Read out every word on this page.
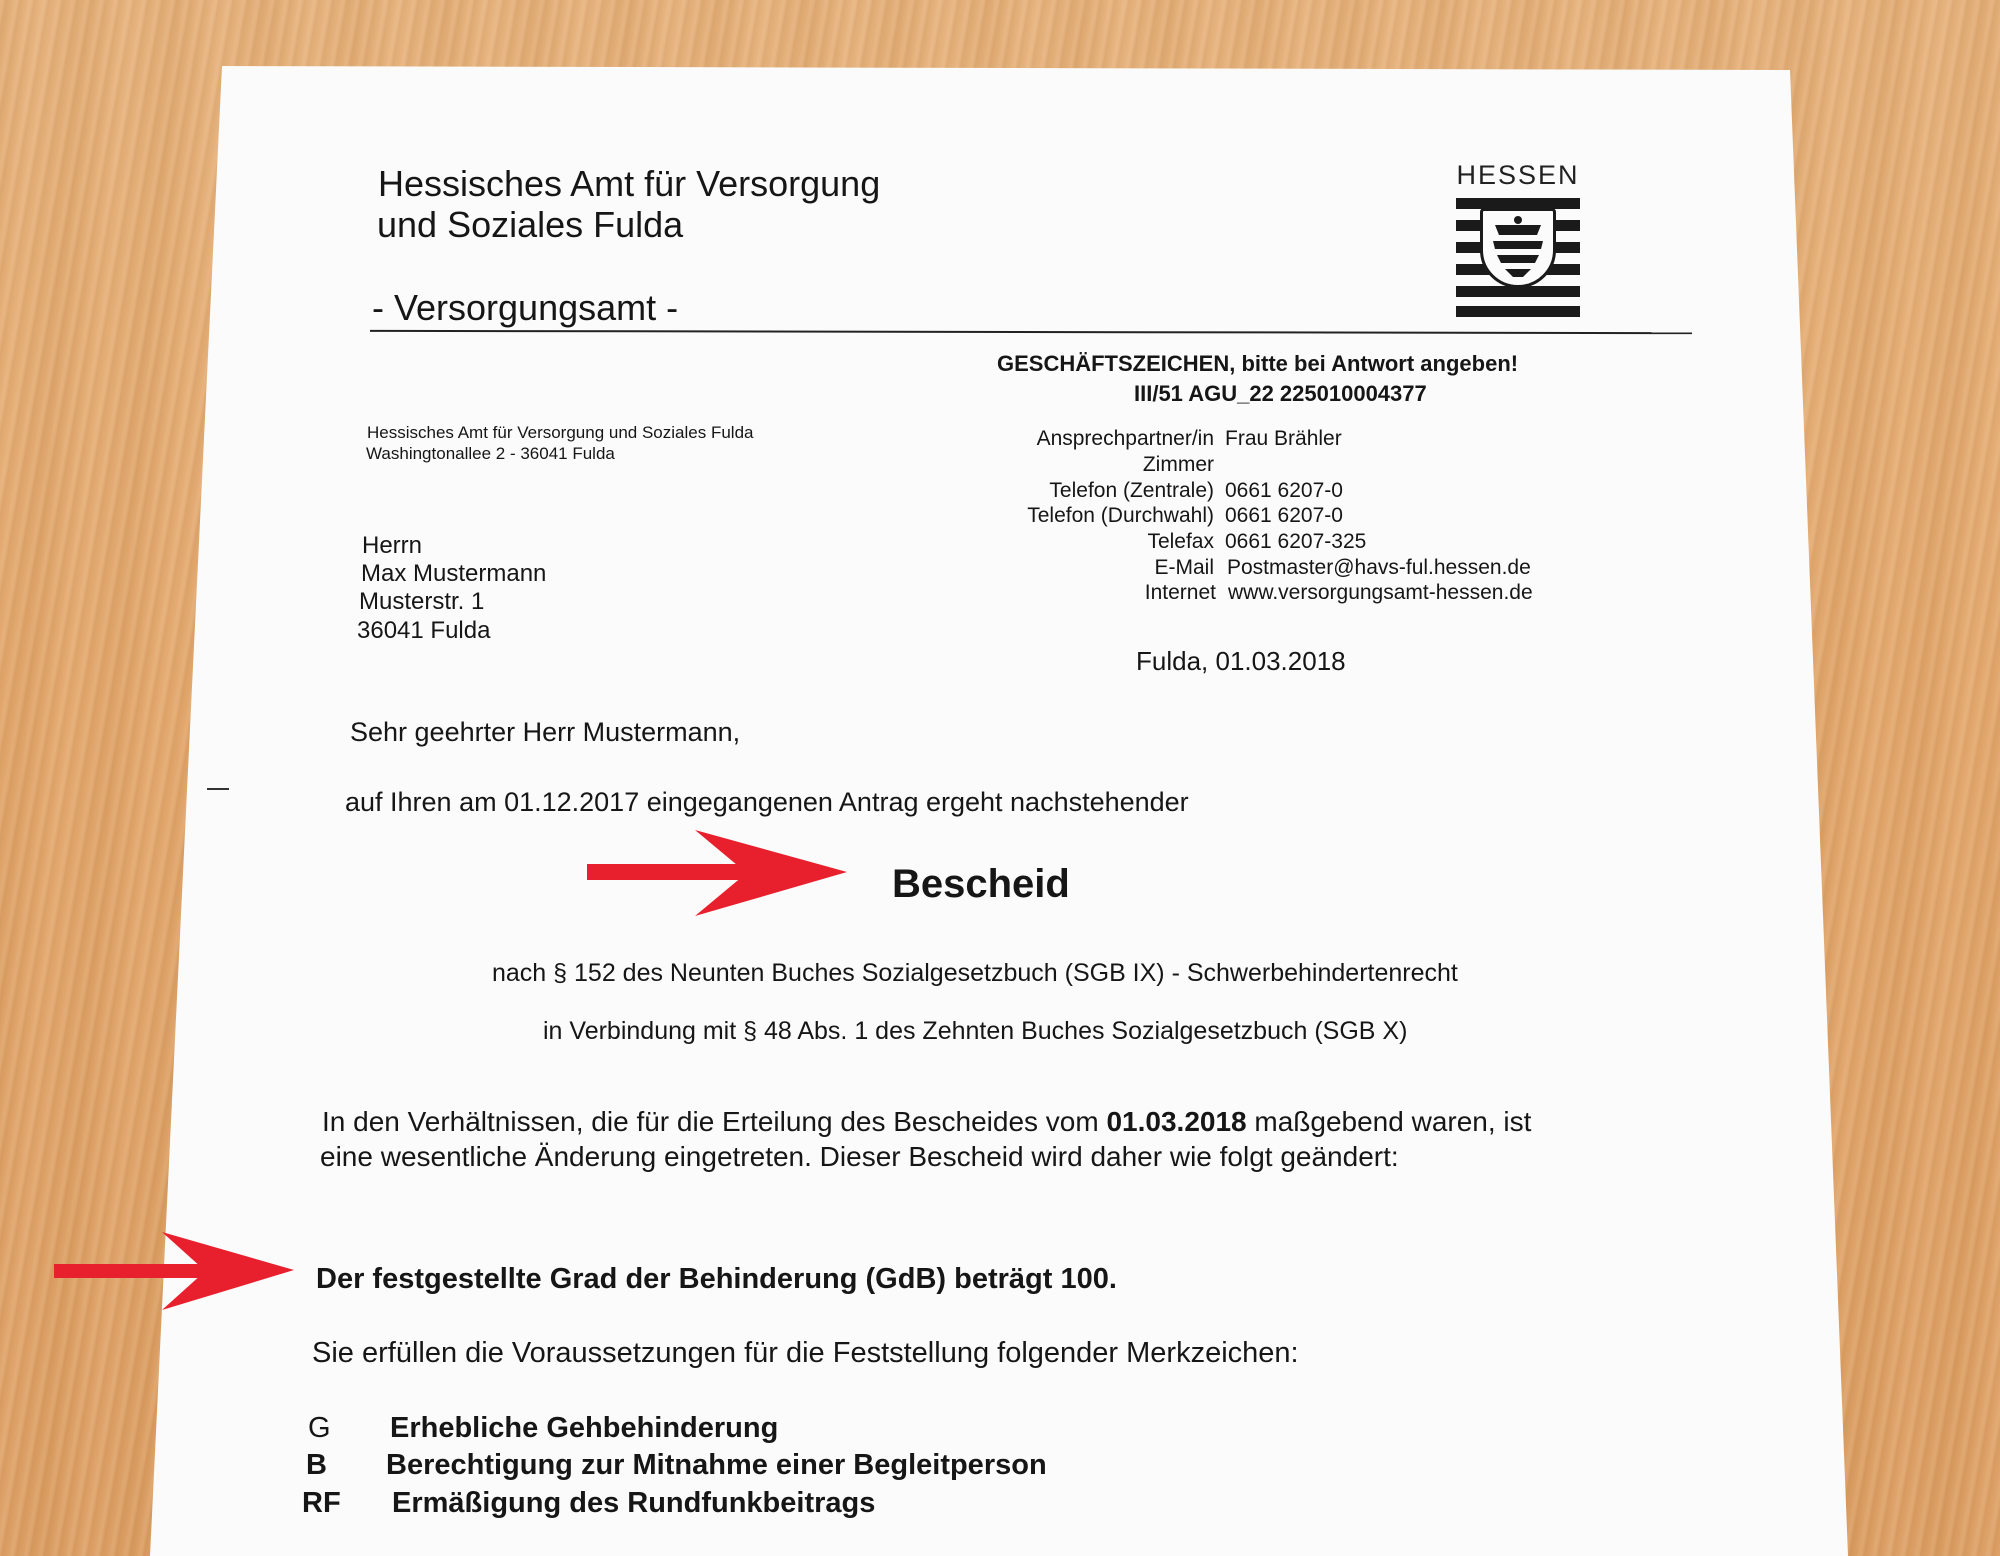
Hessisches Amt für Versorgung
und Soziales Fulda
- Versorgungsamt -
HESSEN
GESCHÄFTSZEICHEN, bitte bei Antwort angeben!
III/51 AGU_22 225010004377
Hessisches Amt für Versorgung und Soziales Fulda
Washingtonallee 2 - 36041 Fulda
Herrn
Max Mustermann
Musterstr. 1
36041 Fulda
Ansprechpartner/in Frau Brähler
Zimmer
Telefon (Zentrale) 0661 6207-0
Telefon (Durchwahl) 0661 6207-0
Telefax 0661 6207-325
E-Mail Postmaster@havs-ful.hessen.de
Internet www.versorgungsamt-hessen.de
Fulda, 01.03.2018
Sehr geehrter Herr Mustermann,
auf Ihren am 01.12.2017 eingegangenen Antrag ergeht nachstehender
Bescheid
nach § 152 des Neunten Buches Sozialgesetzbuch (SGB IX) - Schwerbehindertenrecht
in Verbindung mit § 48 Abs. 1 des Zehnten Buches Sozialgesetzbuch (SGB X)
In den Verhältnissen, die für die Erteilung des Bescheides vom 01.03.2018 maßgebend waren, ist
eine wesentliche Änderung eingetreten. Dieser Bescheid wird daher wie folgt geändert:
Der festgestellte Grad der Behinderung (GdB) beträgt 100.
Sie erfüllen die Voraussetzungen für die Feststellung folgender Merkzeichen:
G Erhebliche Gehbehinderung
B Berechtigung zur Mitnahme einer Begleitperson
RF Ermäßigung des Rundfunkbeitrags
